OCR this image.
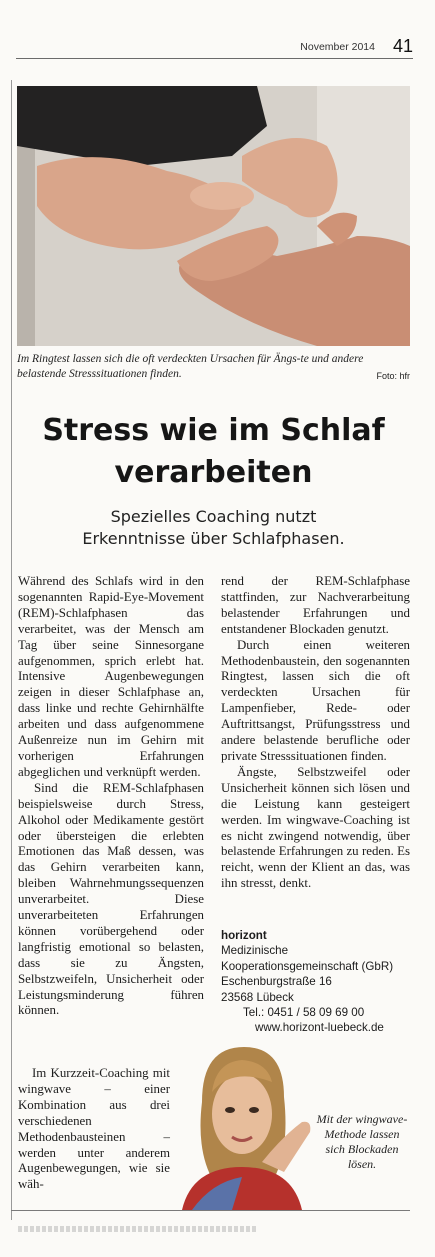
November 2014 41
Im Ringtest lassen sich die oft verdeckten Ursachen für Ängs-te und andere belastende Stresssituationen finden.	Foto: hfr
Stress wie im Schlaf
verarbeiten
Spezielles Coaching nutzt
Erkenntnisse über Schlafphasen.

Während des Schlafs wird in den sogenannten Rapid-Eye-Movement (REM)-Schlafphasen das verarbeitet, was der Mensch am Tag über seine Sinnesorgane aufgenommen, sprich erlebt hat. Intensive Augenbewegungen zeigen in dieser Schlafphase an, dass linke und rechte Gehirnhälfte arbeiten und dass aufgenommene Außenreize nun im Gehirn mit vorherigen Erfahrungen abgeglichen und verknüpft werden.

Sind die REM-Schlafphasen beispielsweise durch Stress, Alkohol oder Medikamente gestört oder übersteigen die erlebten Emotionen das Maß dessen, was das Gehirn verarbeiten kann, bleiben Wahrnehmungssequenzen unverarbeitet. Diese unverarbeiteten Erfahrungen können vorübergehend oder langfristig emotional so belasten, dass sie zu Ängsten, Selbstzweifeln, Unsicherheit oder Leistungsminderung führen können.

Im Kurzzeit-Coaching mit wingwave – einer Kombination aus drei verschiedenen Methodenbausteinen – werden unter anderem Augenbewegungen, wie sie wäh-

rend der REM-Schlafphase stattfinden, zur Nachverarbeitung belastender Erfahrungen und entstandener Blockaden genutzt.

Durch einen weiteren Methodenbaustein, den sogenannten Ringtest, lassen sich die oft verdeckten Ursachen für Lampenfieber, Rede- oder Auftrittsangst, Prüfungsstress und andere belastende berufliche oder private Stresssituationen finden.

Ängste, Selbstzweifel oder Unsicherheit können sich lösen und die Leistung kann gesteigert werden. Im wingwave-Coaching ist es nicht zwingend notwendig, über belastende Erfahrungen zu reden. Es reicht, wenn der Klient an das, was ihn stresst, denkt.

horizont
Medizinische
Kooperationsgemeinschaft (GbR)
Eschenburgstraße 16
23568 Lübeck
Tel.: 0451 / 58 09 69 00
www.horizont-luebeck.de
Mit der wingwave-Methode lassen sich Blockaden lösen.
